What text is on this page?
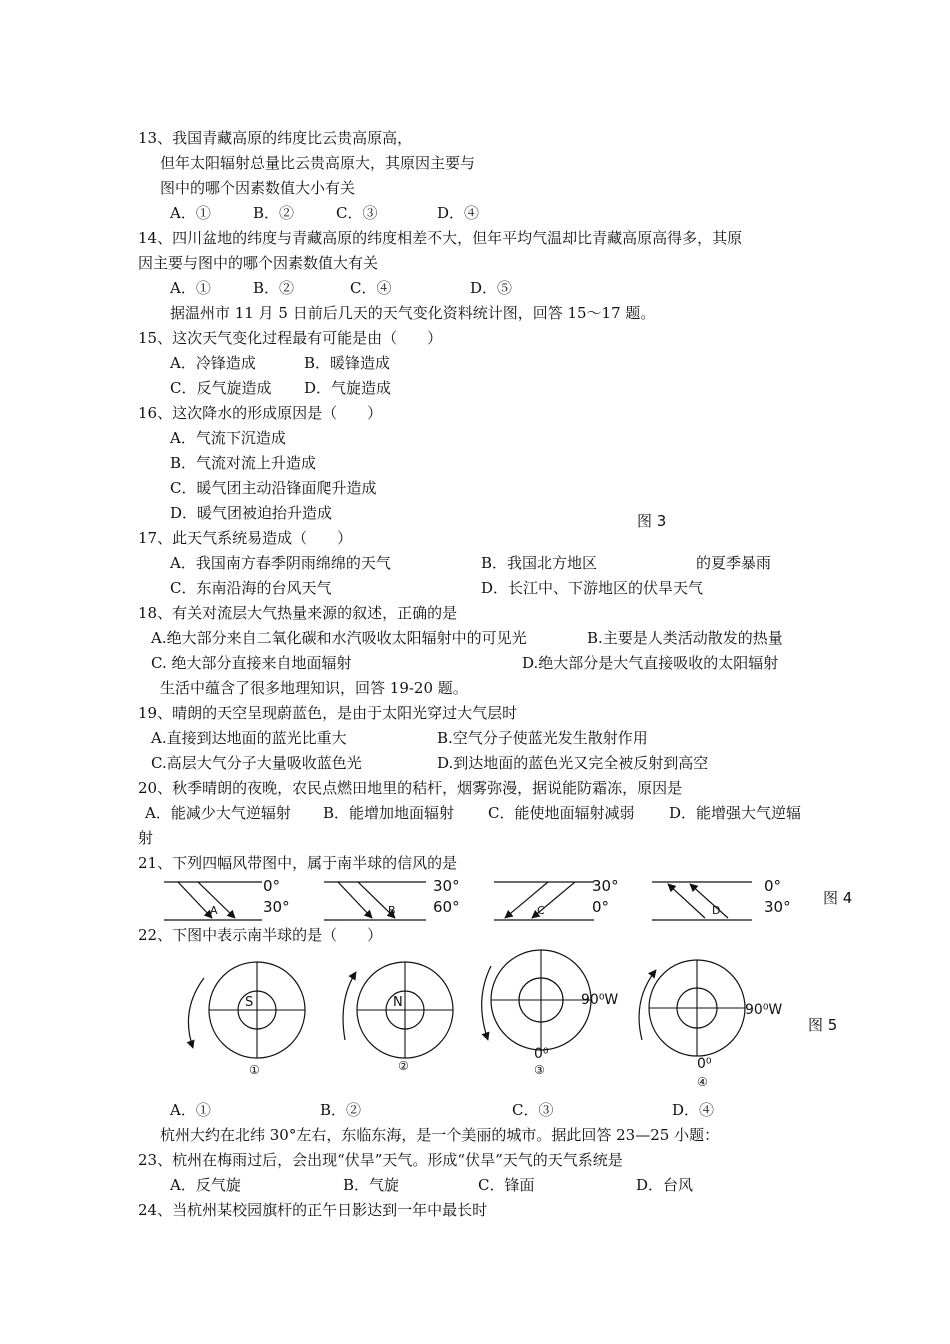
13、我国青藏高原的纬度比云贵高原高，
但年太阳辐射总量比云贵高原大，其原因主要与
图中的哪个因素数值大小有关
A．①	B．②	C．③	D．④
14、四川盆地的纬度与青藏高原的纬度相差不大，但年平均气温却比青藏高原高得多，其原
因主要与图中的哪个因素数值大有关
A．①	B．②	C．④	D．⑤
据温州市 11 月 5 日前后几天的天气变化资料统计图，回答 15～17 题。
15、这次天气变化过程最有可能是由（　　）
A．冷锋造成	B．暖锋造成
C．反气旋造成 D．气旋造成
16、这次降水的形成原因是（　　）
A．气流下沉造成
B．气流对流上升造成
C．暖气团主动沿锋面爬升造成
D．暖气团被迫抬升造成	图 3
17、此天气系统易造成（　　）
A．我国南方春季阴雨绵绵的天气	B．我国北方地区	的夏季暴雨
C．东南沿海的台风天气	D．长江中、下游地区的伏旱天气
18、有关对流层大气热量来源的叙述，正确的是
A.绝大部分来自二氧化碳和水汽吸收太阳辐射中的可见光	B.主要是人类活动散发的热量
C. 绝大部分直接来自地面辐射	D.绝大部分是大气直接吸收的太阳辐射
生活中蕴含了很多地理知识，回答 19-20 题。
19、晴朗的天空呈现蔚蓝色，是由于太阳光穿过大气层时
A.直接到达地面的蓝光比重大	B.空气分子使蓝光发生散射作用
C.高层大气分子大量吸收蓝色光	D.到达地面的蓝色光又完全被反射到高空
20、秋季晴朗的夜晚，农民点燃田地里的秸杆，烟雾弥漫，据说能防霜冻，原因是
A．能减少大气逆辐射 B．能增加地面辐射 C．能使地面辐射减弱 D．能增强大气逆辐
射
21、下列四幅风带图中，属于南半球的信风的是
A
0°
30°	B
30°
60°	C
30°
0°	D
0°
30° 图 4
S
①
N
②
90⁰W
0⁰
③
90⁰W
0⁰
④
图 5
22、下图中表示南半球的是（　　）
A．①	B．②	C．③	D．④
杭州大约在北纬 30°左右，东临东海，是一个美丽的城市。据此回答 23—25 小题：
23、杭州在梅雨过后，会出现“伏旱”天气。形成“伏旱”天气的天气系统是
A．反气旋	B．气旋	C．锋面	D．台风
24、当杭州某校园旗杆的正午日影达到一年中最长时
